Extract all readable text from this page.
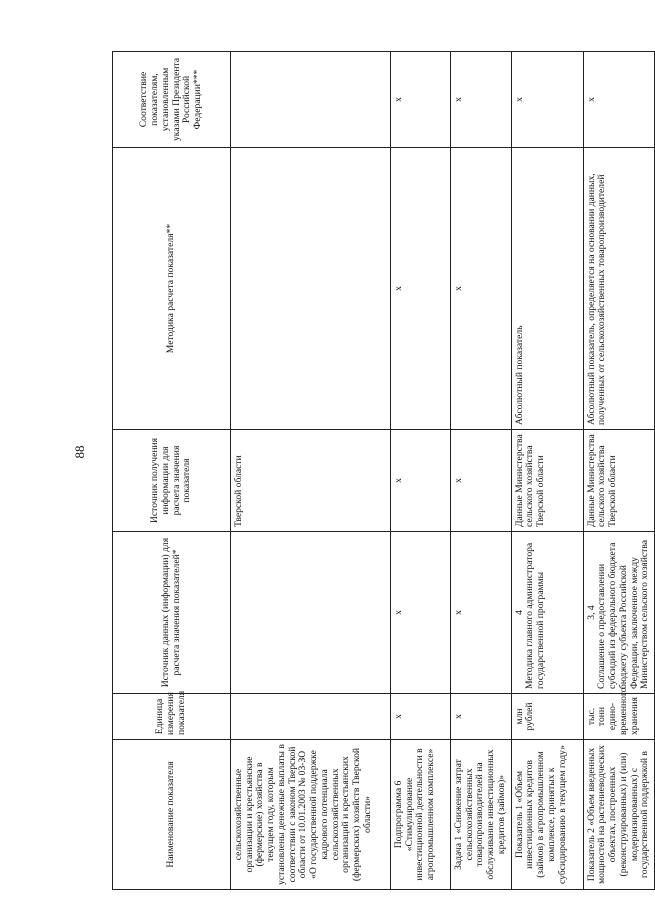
88
Наименование показателя	Единица измерения показателя	Источник данных (информации) для расчета значения показателей*	Источник получения информации для расчета значения показателя	Методика расчета показателя**	Соответствие показателям, установленным указами Президента Российской Федерации***
сельскохозяйственные организации и крестьянские (фермерские) хозяйства в текущем году, которым установлены денежные выплаты в соответствии с законом Тверской области от 10.01.2003 № 03-ЗО «О государственной поддержке кадрового потенциала сельскохозяйственных организаций и крестьянских (фермерских) хозяйств Тверской области»			Тверской области		
Подпрограмма 6 «Стимулирование инвестиционной деятельности в агропромышленном комплексе»	х	х	х	х	х
Задача 1 «Снижение затрат сельскохозяйственных товаропроизводителей на обслуживание инвестиционных кредитов (займов)»	х	х	х	х	х
Показатель 1 «Объем инвестиционных кредитов (займов) в агропромышленном комплексе, принятых к субсидированию в текущем году»	млн рублей	4 Методика главного администратора государственной программы	Данные Министерства сельского хозяйства Тверской области	Абсолютный показатель	х
Показатель 2 «Объем введенных мощностей на растениеводческих объектах, построенных (реконструированных) и (или) модернизированных) с государственной поддержкой в	тыс. тонн едино-временного хранения	3, 4 Соглашение о предоставлении субсидий из федерального бюджета бюджету субъекта Российской Федерации, заключенное между Министерством сельского хозяйства	Данные Министерства сельского хозяйства Тверской области	Абсолютный показатель, определяется на основании данных, полученных от сельскохозяйственных товаропроизводителей	х
